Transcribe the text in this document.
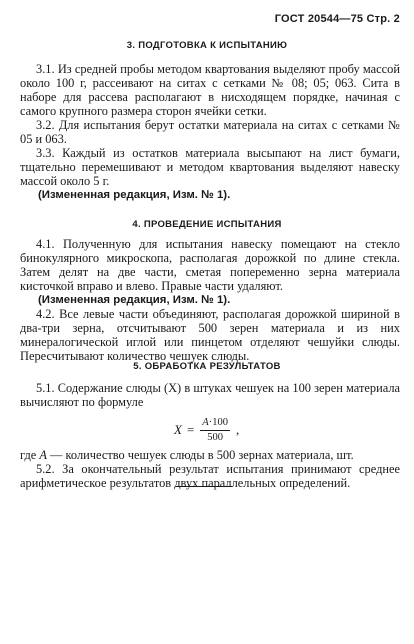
ГОСТ 20544—75 Стр. 2
3. ПОДГОТОВКА К ИСПЫТАНИЮ

3.1. Из средней пробы методом квартования выделяют пробу массой около 100 г, рассеивают на ситах с сетками № 08; 05; 063. Сита в наборе для рассева располагают в нисходящем порядке, начиная с самого крупного размера сторон ячейки сетки.

3.2. Для испытания берут остатки материала на ситах с сетками № 05 и 063.

3.3. Каждый из остатков материала высыпают на лист бумаги, тщательно перемешивают и методом квартования выделяют навеску массой около 5 г.

(Измененная редакция, Изм. № 1).
4. ПРОВЕДЕНИЕ ИСПЫТАНИЯ

4.1. Полученную для испытания навеску помещают на стекло бинокулярного микроскопа, располагая дорожкой по длине стекла. Затем делят на две части, сметая попеременно зерна материала кисточкой вправо и влево. Правые части удаляют.

(Измененная редакция, Изм. № 1).

4.2. Все левые части объединяют, располагая дорожкой шириной в два-три зерна, отсчитывают 500 зерен материала и из них минералогической иглой или пинцетом отделяют чешуйки слюды. Пересчитывают количество чешуек слюды.

5. ОБРАБОТКА РЕЗУЛЬТАТОВ

5.1. Содержание слюды (X) в штуках чешуек на 100 зерен материала вычисляют по формуле

$X = \frac{A\cdot 100}{500}$ ,
где A — количество чешуек слюды в 500 зернах материала, шт.

5.2. За окончательный результат испытания принимают среднее арифметическое результатов двух параллельных определений.
